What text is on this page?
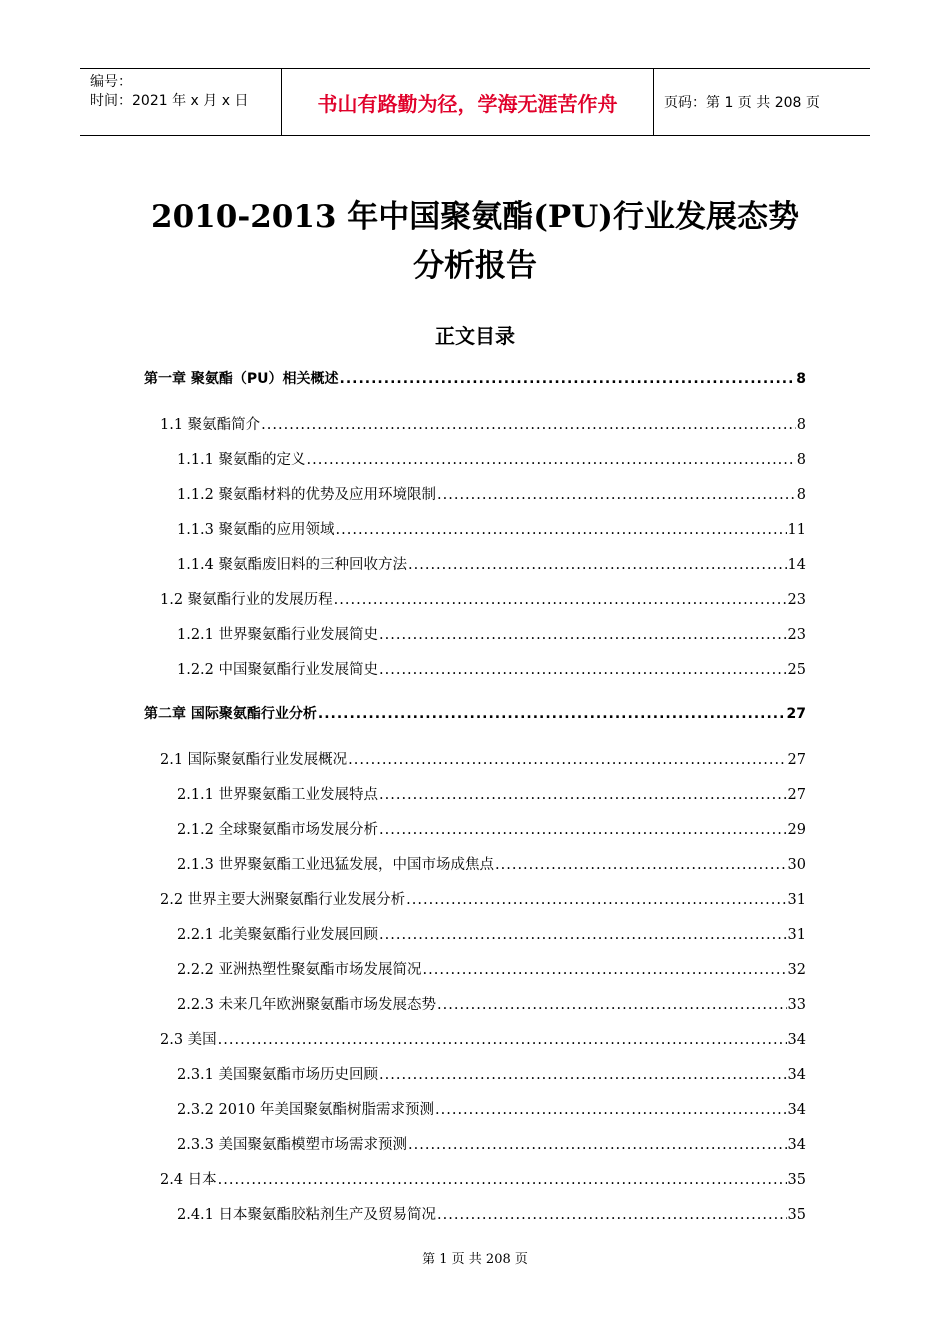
编号：
时间：2021 年 x 月 x 日	书山有路勤为径，学海无涯苦作舟	页码：第 1 页 共 208 页
2010-2013 年中国聚氨酯(PU)行业发展态势
分析报告
正文目录
第一章 聚氨酯（PU）相关概述 .....	8
1.1 聚氨酯简介 .....	8
1.1.1 聚氨酯的定义 .....	8
1.1.2 聚氨酯材料的优势及应用环境限制 .....	8
1.1.3 聚氨酯的应用领域 .....	11
1.1.4 聚氨酯废旧料的三种回收方法 .....	14
1.2 聚氨酯行业的发展历程 .....	23
1.2.1 世界聚氨酯行业发展简史 .....	23
1.2.2 中国聚氨酯行业发展简史 .....	25
第二章 国际聚氨酯行业分析 .....	27
2.1 国际聚氨酯行业发展概况 .....	27
2.1.1 世界聚氨酯工业发展特点 .....	27
2.1.2 全球聚氨酯市场发展分析 .....	29
2.1.3 世界聚氨酯工业迅猛发展，中国市场成焦点 .....	30
2.2 世界主要大洲聚氨酯行业发展分析 .....	31
2.2.1 北美聚氨酯行业发展回顾 .....	31
2.2.2 亚洲热塑性聚氨酯市场发展简况 .....	32
2.2.3 未来几年欧洲聚氨酯市场发展态势 .....	33
2.3 美国 .....	34
2.3.1 美国聚氨酯市场历史回顾 .....	34
2.3.2 2010 年美国聚氨酯树脂需求预测 .....	34
2.3.3 美国聚氨酯模塑市场需求预测 .....	34
2.4 日本 .....	35
2.4.1 日本聚氨酯胶粘剂生产及贸易简况 .....	35
第 1 页 共 208 页
